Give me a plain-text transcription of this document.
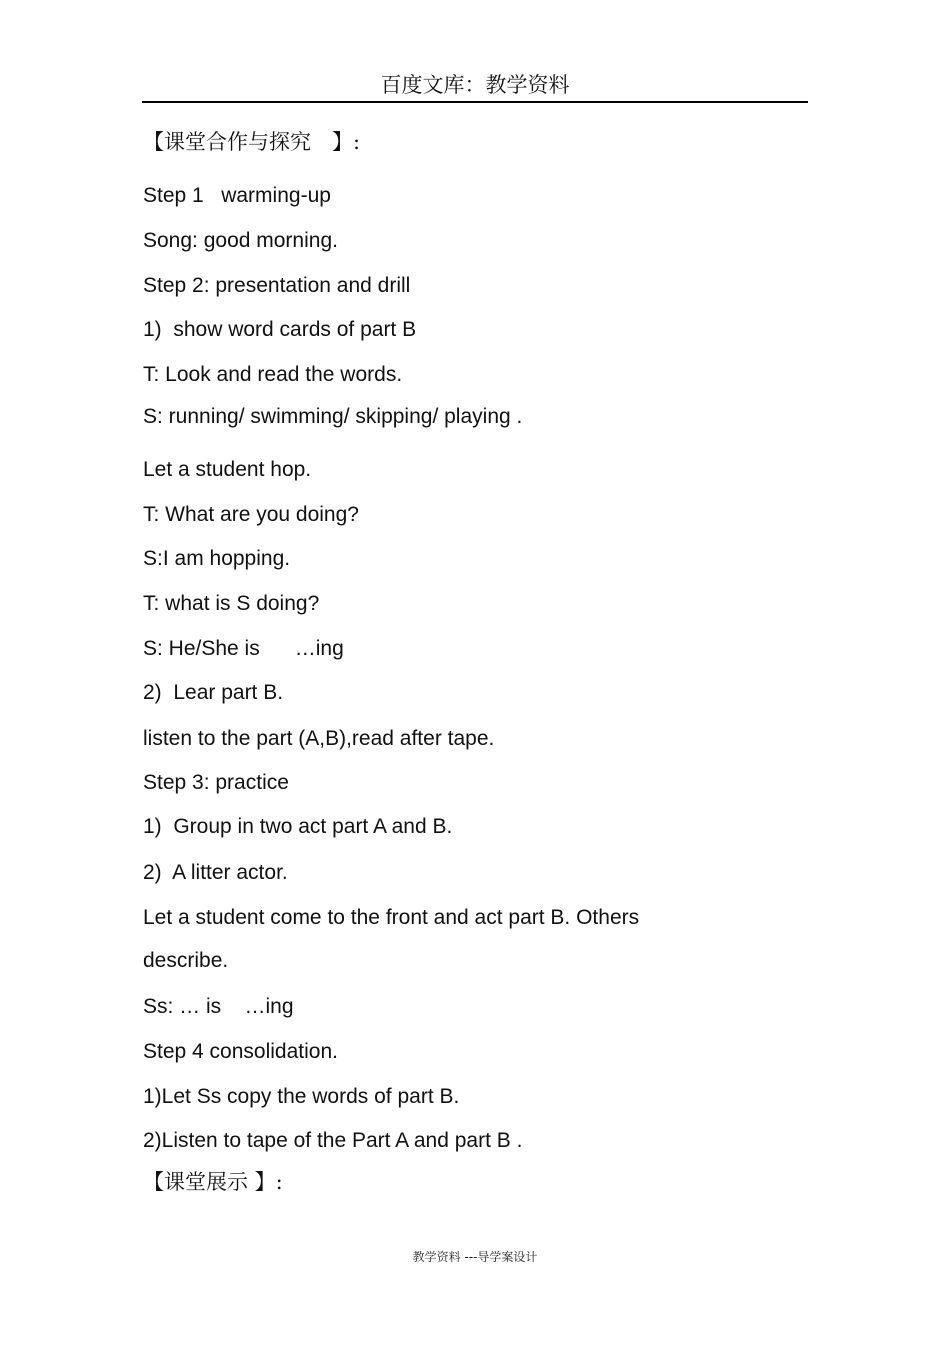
百度文库：教学资料
【课堂合作与探究　】:
Step 1   warming-up
Song: good morning.
Step 2: presentation and drill
1)  show word cards of part B
T: Look and read the words.
S: running/ swimming/ skipping/ playing .
Let a student hop.
T: What are you doing?
S:I am hopping.
T: what is S doing?
S: He/She is      …ing
2)  Lear part B.
listen to the part (A,B),read after tape.
Step 3: practice
1)  Group in two act part A and B.
2)  A litter actor.
Let a student come to the front and act part B. Others
describe.
Ss: … is    …ing
Step 4 consolidation.
1)Let Ss copy the words of part B.
2)Listen to tape of the Part A and part B .
【课堂展示 】:
教学资料 ---导学案设计
